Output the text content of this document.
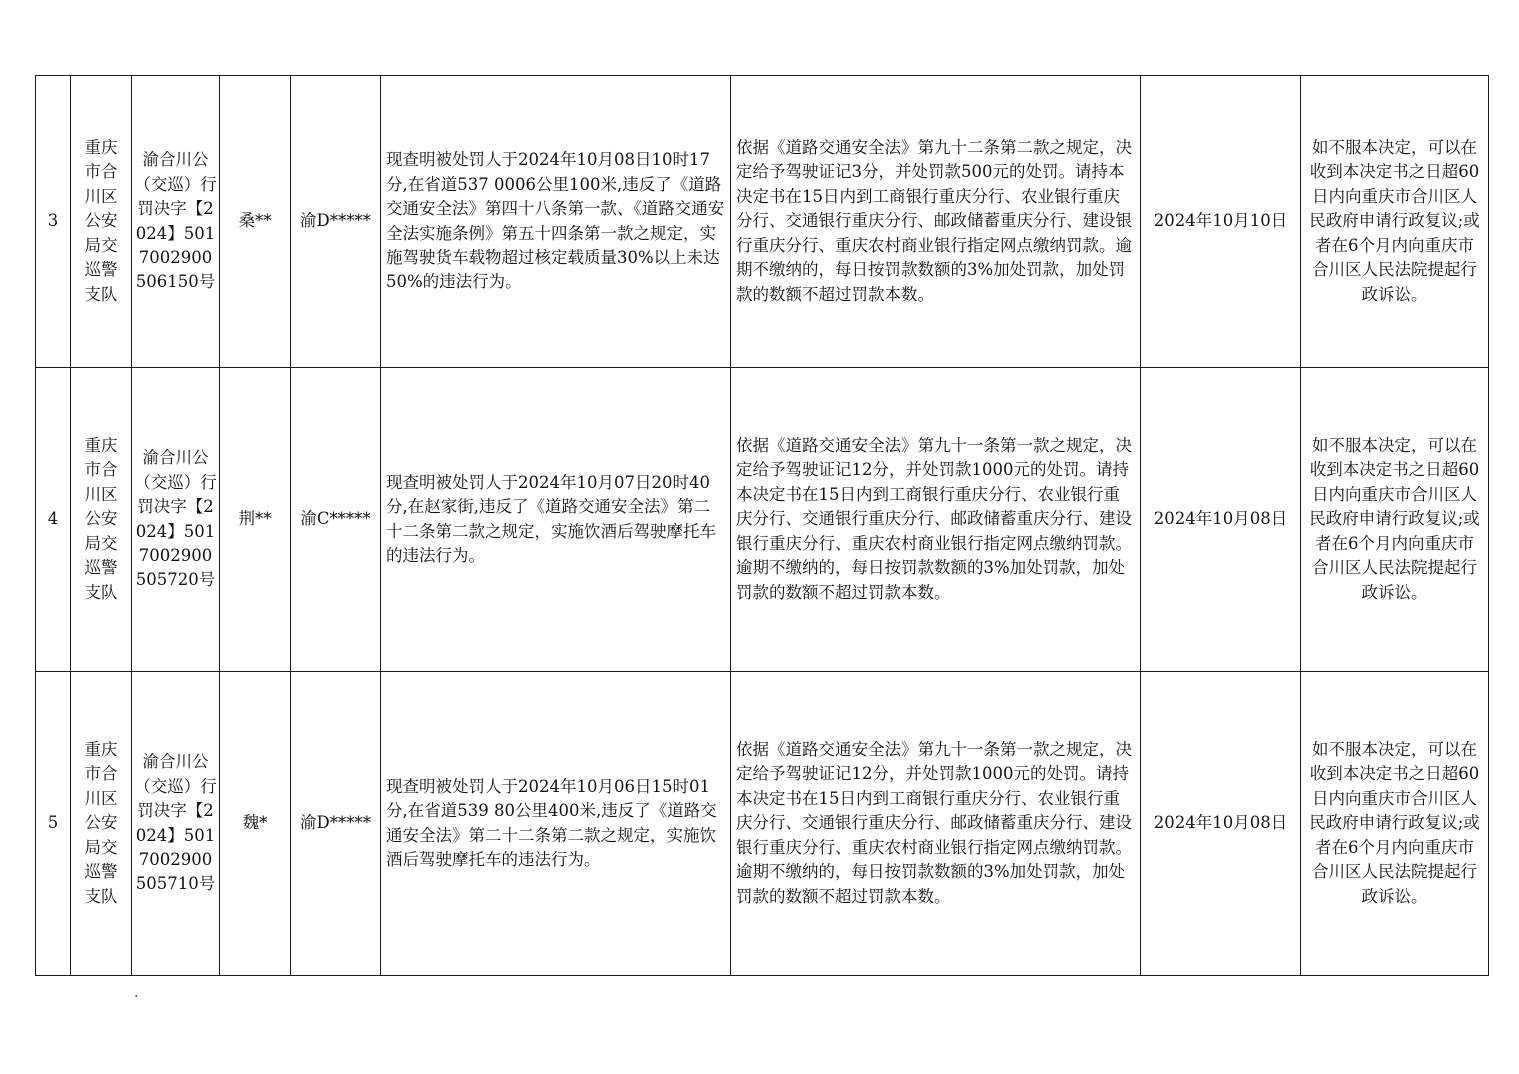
3	重庆市合川区公安局交巡警支队	渝合川公（交巡）行罚决字【2024】5017002900506150号	桑**	渝D*****	现查明被处罚人于2024年10月08日10时17分,在省道537 0006公里100米,违反了《道路交通安全法》第四十八条第一款、《道路交通安全法实施条例》第五十四条第一款之规定，实施驾驶货车载物超过核定载质量30%以上未达50%的违法行为。	依据《道路交通安全法》第九十二条第二款之规定，决定给予驾驶证记3分，并处罚款500元的处罚。请持本决定书在15日内到工商银行重庆分行、农业银行重庆分行、交通银行重庆分行、邮政储蓄重庆分行、建设银行重庆分行、重庆农村商业银行指定网点缴纳罚款。逾期不缴纳的，每日按罚款数额的3%加处罚款，加处罚款的数额不超过罚款本数。	2024年10月10日	如不服本决定，可以在收到本决定书之日超60日内向重庆市合川区人民政府申请行政复议;或者在6个月内向重庆市合川区人民法院提起行政诉讼。
4	重庆市合川区公安局交巡警支队	渝合川公（交巡）行罚决字【2024】5017002900505720号	荆**	渝C*****	现查明被处罚人于2024年10月07日20时40分,在赵家街,违反了《道路交通安全法》第二十二条第二款之规定，实施饮酒后驾驶摩托车的违法行为。	依据《道路交通安全法》第九十一条第一款之规定，决定给予驾驶证记12分，并处罚款1000元的处罚。请持本决定书在15日内到工商银行重庆分行、农业银行重庆分行、交通银行重庆分行、邮政储蓄重庆分行、建设银行重庆分行、重庆农村商业银行指定网点缴纳罚款。逾期不缴纳的，每日按罚款数额的3%加处罚款，加处罚款的数额不超过罚款本数。	2024年10月08日	如不服本决定，可以在收到本决定书之日超60日内向重庆市合川区人民政府申请行政复议;或者在6个月内向重庆市合川区人民法院提起行政诉讼。
5	重庆市合川区公安局交巡警支队	渝合川公（交巡）行罚决字【2024】5017002900505710号	魏*	渝D*****	现查明被处罚人于2024年10月06日15时01分,在省道539 80公里400米,违反了《道路交通安全法》第二十二条第二款之规定，实施饮酒后驾驶摩托车的违法行为。	依据《道路交通安全法》第九十一条第一款之规定，决定给予驾驶证记12分，并处罚款1000元的处罚。请持本决定书在15日内到工商银行重庆分行、农业银行重庆分行、交通银行重庆分行、邮政储蓄重庆分行、建设银行重庆分行、重庆农村商业银行指定网点缴纳罚款。逾期不缴纳的，每日按罚款数额的3%加处罚款，加处罚款的数额不超过罚款本数。	2024年10月08日	如不服本决定，可以在收到本决定书之日超60日内向重庆市合川区人民政府申请行政复议;或者在6个月内向重庆市合川区人民法院提起行政诉讼。
.
